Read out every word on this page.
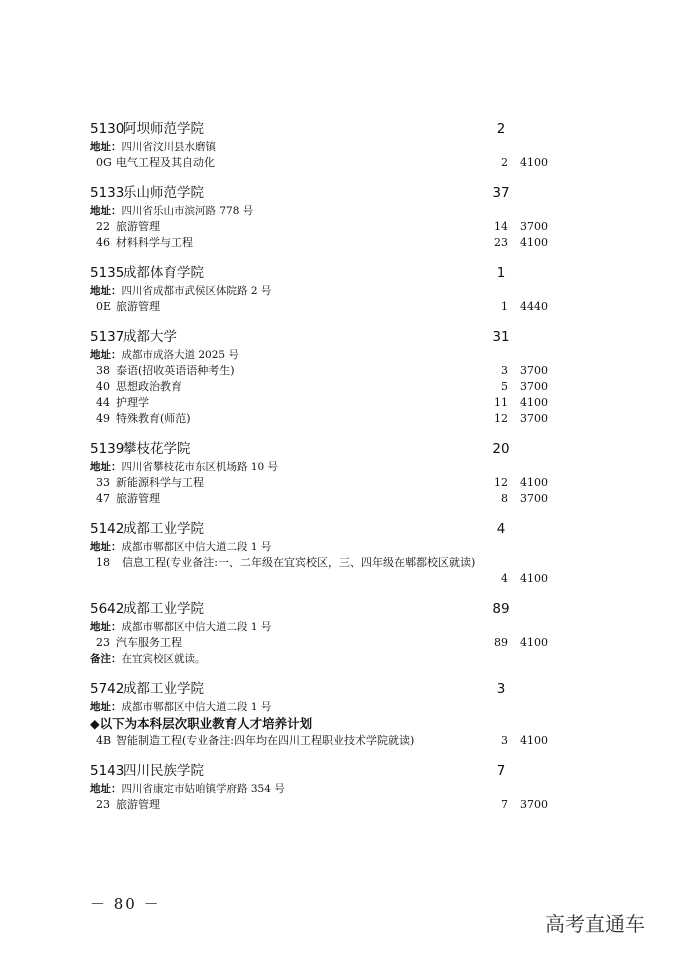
5130阿坝师范学院	2
地址：四川省汶川县水磨镇
0G 电气工程及其自动化	2 4100
5133乐山师范学院	37
地址：四川省乐山市滨河路 778 号
22 旅游管理	14 3700
46 材料科学与工程	23 4100
5135成都体育学院	1
地址：四川省成都市武侯区体院路 2 号
0E 旅游管理	1 4440
5137成都大学	31
地址：成都市成洛大道 2025 号
38 泰语(招收英语语种考生)	3 3700
40 思想政治教育	5 3700
44 护理学	11 4100
49 特殊教育(师范)	12 3700
5139攀枝花学院	20
地址：四川省攀枝花市东区机场路 10 号
33 新能源科学与工程	12 4100
47 旅游管理	8 3700
5142成都工业学院	4
地址：成都市郫都区中信大道二段 1 号
18 信息工程(专业备注:一、二年级在宜宾校区，三、四年级在郫都校区就读)
4 4100
5642成都工业学院	89
地址：成都市郫都区中信大道二段 1 号
23 汽车服务工程	89 4100
备注：在宜宾校区就读。
5742成都工业学院	3
地址：成都市郫都区中信大道二段 1 号
◆以下为本科层次职业教育人才培养计划
4B 智能制造工程(专业备注:四年均在四川工程职业技术学院就读)	3 4100
5143四川民族学院	7
地址：四川省康定市姑咱镇学府路 354 号
23 旅游管理	7 3700
－ 80 －
高考直通车
